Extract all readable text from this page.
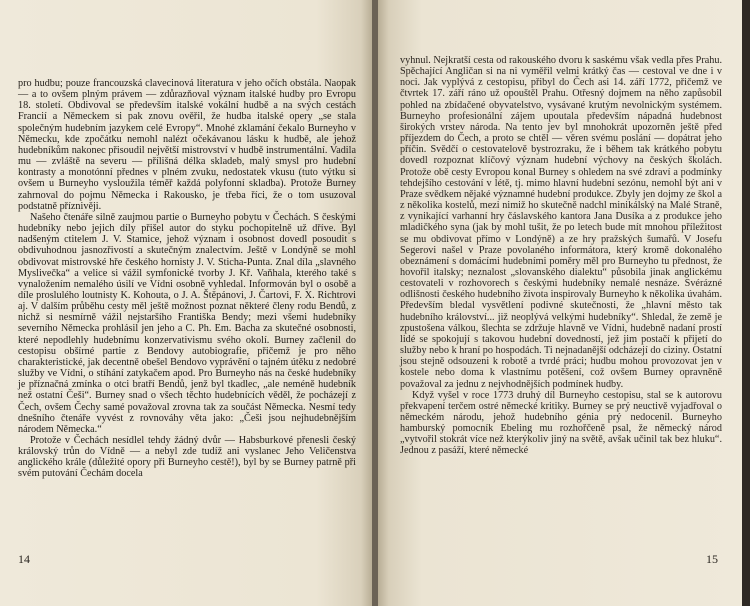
pro hudbu; pouze francouzská clavecinová literatura v jeho očích obstála. Naopak — a to ovšem plným právem — zdůrazňoval význam italské hudby pro Evropu 18. století. Obdivoval se především italské vokální hudbě a na svých cestách Francií a Německem si pak znovu ověřil, že hudba italské opery „se stala společným hudebním jazykem celé Evropy“. Mnohé zklamání čekalo Burneyho v Německu, kde zpočátku nemohl nalézt očekávanou lásku k hudbě, ale jehož hudebníkům nakonec přisoudil největší mistrovství v hudbě instrumentální. Vadila mu — zvláště na severu — přílišná délka skladeb, malý smysl pro hudební kontrasty a monotónní přednes v plném zvuku, nedostatek vkusu (tuto výtku si ovšem u Burneyho vysloužila téměř každá polyfonní skladba). Protože Burney zahrnoval do pojmu Německa i Rakousko, je třeba říci, že o tom usuzoval podstatně příznivěji.

Našeho čtenáře silně zaujmou partie o Burneyho pobytu v Čechách. S českými hudebníky nebo jejich díly přišel autor do styku pochopitelně už dříve. Byl nadšeným ctitelem J. V. Stamice, jehož význam i osobnost dovedl posoudit s obdivuhodnou jasnozřivostí a skutečným znalectvím. Ještě v Londýně se mohl obdivovat mistrovské hře českého hornisty J. V. Sticha-Punta. Znal díla „slavného Myslivečka“ a velice si vážil symfonické tvorby J. Kř. Vaňhala, kterého také s vynaložením nemalého úsilí ve Vídni osobně vyhledal. Informován byl o osobě a díle proslulého loutnisty K. Kohouta, o J. A. Štěpánovi, J. Čartovi, F. X. Richtrovi aj. V dalším průběhu cesty měl ještě možnost poznat některé členy rodu Bendů, z nichž si nesmírně vážil nejstaršího Františka Bendy; mezi všemi hudebníky severního Německa prohlásil jen jeho a C. Ph. Em. Bacha za skutečné osobnosti, které nepodlehly hudebnímu konzervativismu svého okolí. Burney začlenil do cestopisu obšírné partie z Bendovy autobiografie, přičemž je pro něho charakteristické, jak decentně obešel Bendovo vyprávění o tajném útěku z nedobré služby ve Vídni, o stíhání zatykačem apod. Pro Burneyho nás na české hudebníky je příznačná zmínka o otci bratří Bendů, jenž byl tkadlec, „ale neméně hudebník než ostatní Češi“. Burney snad o všech těchto hudebnících věděl, že pocházejí z Čech, ovšem Čechy samé považoval zrovna tak za součást Německa. Nesmí tedy dnešního čtenáře vyvést z rovnováhy věta jako: „Češi jsou nejhudebnějším národem Německa.“

Protože v Čechách nesídlel tehdy žádný dvůr — Habsburkové přenesli český královský trůn do Vídně — a nebyl zde tudíž ani vyslanec Jeho Veličenstva anglického krále (důležité opory při Burneyho cestě!), byl by se Burney patrně při svém putování Čechám docela

14

vyhnul. Nejkratší cesta od rakouského dvoru k saskému však vedla přes Prahu. Spěchající Angličan si na ni vyměřil velmi krátký čas — cestoval ve dne i v noci. Jak vyplývá z cestopisu, přibyl do Čech asi 14. září 1772, přičemž ve čtvrtek 17. září ráno už opouštěl Prahu. Otřesný dojmem na něho zapůsobil pohled na zbídačené obyvatelstvo, vysávané krutým nevolnickým systémem. Burneyho profesionální zájem upoutala především nápadná hudebnost širokých vrstev národa. Na tento jev byl mnohokrát upozorněn ještě před příjezdem do Čech, a proto se chtěl — věren svému poslání — dopátrat jeho příčin. Svědčí o cestovatelově bystrozraku, že i během tak krátkého pobytu dovedl rozpoznat klíčový význam hudební výchovy na českých školách. Protože obě cesty Evropou konal Burney s ohledem na své zdraví a podmínky tehdejšího cestování v létě, tj. mimo hlavní hudební sezónu, nemohl být ani v Praze svědkem nějaké významné hudební produkce. Zbyly jen dojmy ze škol a z několika kostelů, mezi nimiž ho skutečně nadchl minikálský na Malé Straně, z vynikající varhanní hry čáslavského kantora Jana Dusíka a z produkce jeho mladičkého syna (jak by mohl tušit, že po letech bude mít mnohou příležitost se mu obdivovat přímo v Londýně) a ze hry pražských šumařů. V Josefu Segerovi našel v Praze povolaného informátora, který kromě dokonalého obeznámení s domácími hudebními poměry měl pro Burneyho tu přednost, že hovořil italsky; neznalost „slovanského dialektu“ působila jinak anglickému cestovateli v rozhovorech s českými hudebníky nemalé nesnáze. Svérázné odlišnosti českého hudebního života inspirovaly Burneyho k několika úvahám. Především bledal vysvětlení podivné skutečnosti, že „hlavní město tak hudebního království... již neoplývá velkými hudebníky“. Shledal, že země je zpustošena válkou, šlechta se zdržuje hlavně ve Vídni, hudebně nadaní prostí lidé se spokojují s takovou hudební dovedností, jež jim postačí k přijetí do služby nebo k hraní po hospodách. Ti nejnadanější odcházejí do ciziny. Ostatní jsou stejně odsouzeni k robotě a tvrdé práci; hudbu mohou provozovat jen v kostele nebo doma k vlastnímu potěšení, což ovšem Burney opravněně považoval za jednu z nejvhodnějších podmínek hudby.

Když vyšel v roce 1773 druhý díl Burneyho cestopisu, stal se k autorovu překvapení terčem ostré německé kritiky. Burney se prý neuctivě vyjadřoval o německém národu, jehož hudebního génia prý nedocenil. Burneyho hamburský pomocník Ebeling mu rozhořčeně psal, že německý národ „vytvořil stokrát více než kterýkoliv jiný na světě, avšak učinil tak bez hluku“. Jednou z pasáží, které německé

15
